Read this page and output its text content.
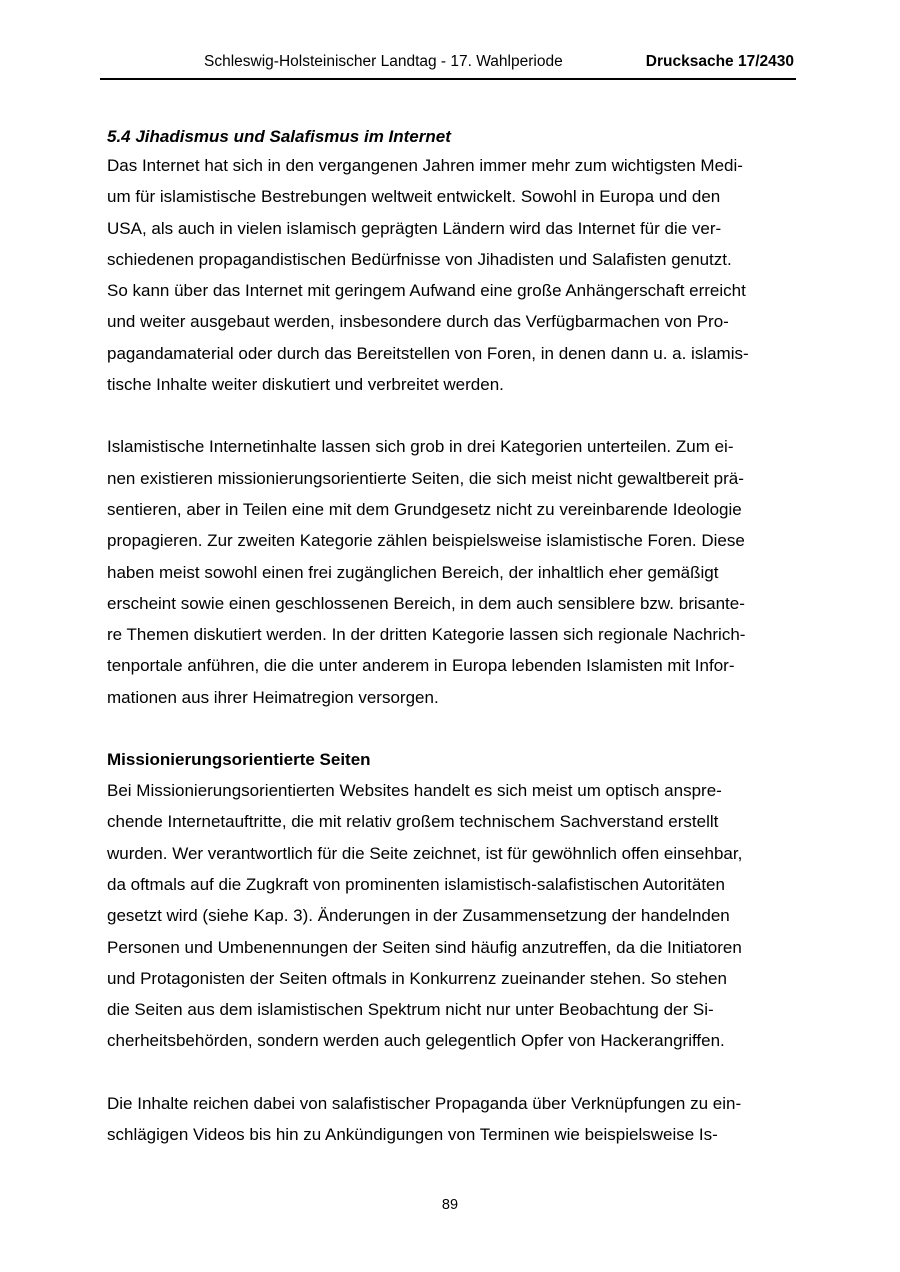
Schleswig-Holsteinischer Landtag - 17. Wahlperiode	Drucksache 17/2430
5.4 Jihadismus und Salafismus im Internet

Das Internet hat sich in den vergangenen Jahren immer mehr zum wichtigsten Medi-
um für islamistische Bestrebungen weltweit entwickelt. Sowohl in Europa und den
USA, als auch in vielen islamisch geprägten Ländern wird das Internet für die ver-
schiedenen propagandistischen Bedürfnisse von Jihadisten und Salafisten genutzt.
So kann über das Internet mit geringem Aufwand eine große Anhängerschaft erreicht
und weiter ausgebaut werden, insbesondere durch das Verfügbarmachen von Pro-
pagandamaterial oder durch das Bereitstellen von Foren, in denen dann u. a. islamis-
tische Inhalte weiter diskutiert und verbreitet werden.

Islamistische Internetinhalte lassen sich grob in drei Kategorien unterteilen. Zum ei-
nen existieren missionierungsorientierte Seiten, die sich meist nicht gewaltbereit prä-
sentieren, aber in Teilen eine mit dem Grundgesetz nicht zu vereinbarende Ideologie
propagieren. Zur zweiten Kategorie zählen beispielsweise islamistische Foren. Diese
haben meist sowohl einen frei zugänglichen Bereich, der inhaltlich eher gemäßigt
erscheint sowie einen geschlossenen Bereich, in dem auch sensiblere bzw. brisante-
re Themen diskutiert werden. In der dritten Kategorie lassen sich regionale Nachrich-
tenportale anführen, die die unter anderem in Europa lebenden Islamisten mit Infor-
mationen aus ihrer Heimatregion versorgen.

Missionierungsorientierte Seiten

Bei Missionierungsorientierten Websites handelt es sich meist um optisch anspre-
chende Internetauftritte, die mit relativ großem technischem Sachverstand erstellt
wurden. Wer verantwortlich für die Seite zeichnet, ist für gewöhnlich offen einsehbar,
da oftmals auf die Zugkraft von prominenten islamistisch-salafistischen Autoritäten
gesetzt wird (siehe Kap. 3). Änderungen in der Zusammensetzung der handelnden
Personen und Umbenennungen der Seiten sind häufig anzutreffen, da die Initiatoren
und Protagonisten der Seiten oftmals in Konkurrenz zueinander stehen. So stehen
die Seiten aus dem islamistischen Spektrum nicht nur unter Beobachtung der Si-
cherheitsbehörden, sondern werden auch gelegentlich Opfer von Hackerangriffen.

Die Inhalte reichen dabei von salafistischer Propaganda über Verknüpfungen zu ein-
schlägigen Videos bis hin zu Ankündigungen von Terminen wie beispielsweise Is-

89
